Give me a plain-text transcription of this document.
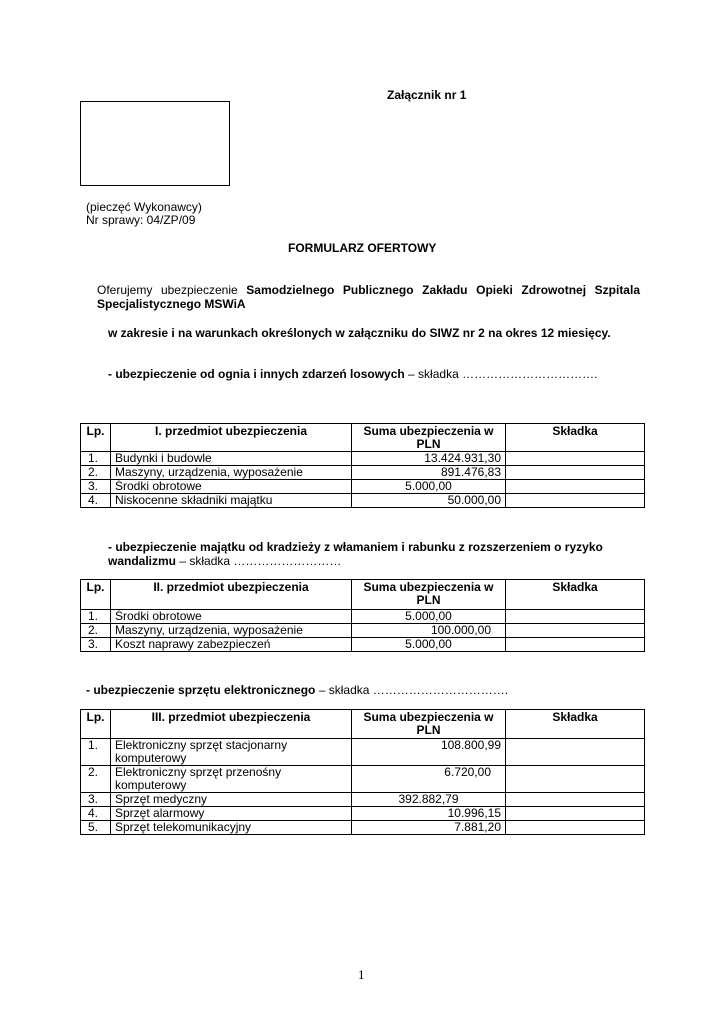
Załącznik nr 1
(pieczęć Wykonawcy)
Nr sprawy: 04/ZP/09
FORMULARZ OFERTOWY
Oferujemy ubezpieczenie Samodzielnego Publicznego Zakładu Opieki Zdrowotnej Szpitala
Specjalistycznego MSWiA
w zakresie i na warunkach określonych w załączniku do SIWZ nr 2 na okres 12 miesięcy.
- ubezpieczenie od ognia i innych zdarzeń losowych – składka …………………………….
Lp.	I. przedmiot ubezpieczenia	Suma ubezpieczenia w PLN	Składka
1.	Budynki i budowle	13.424.931,30	
2.	Maszyny, urządzenia, wyposażenie	891.476,83	
3.	Środki obrotowe	5.000,00	
4.	Niskocenne składniki majątku	50.000,00	
- ubezpieczenie majątku od kradzieży z włamaniem i rabunku z rozszerzeniem o ryzyko
wandalizmu – składka ………………………
Lp.	II. przedmiot ubezpieczenia	Suma ubezpieczenia w PLN	Składka
1.	Środki obrotowe	5.000,00	
2.	Maszyny, urządzenia, wyposażenie	100.000,00	
3.	Koszt naprawy zabezpieczeń	5.000,00	
- ubezpieczenie sprzętu elektronicznego – składka …………………………….
Lp.	III. przedmiot ubezpieczenia	Suma ubezpieczenia w PLN	Składka
1.	Elektroniczny sprzęt stacjonarny komputerowy	108.800,99	
2.	Elektroniczny sprzęt przenośny komputerowy	6.720,00	
3.	Sprzęt medyczny	392.882,79	
4.	Sprzęt alarmowy	10.996,15	
5.	Sprzęt telekomunikacyjny	7.881,20	
1
